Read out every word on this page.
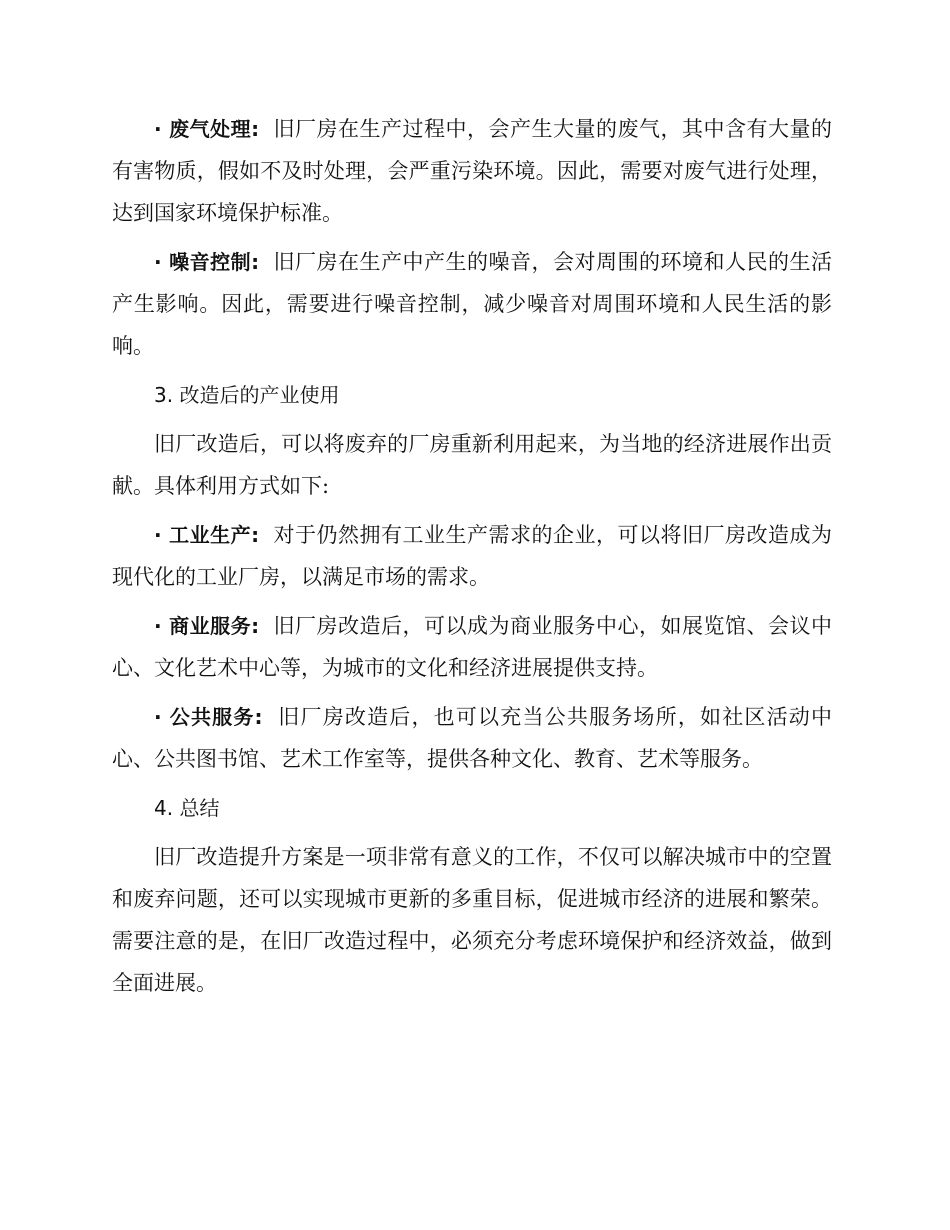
· 废气处理: 旧厂房在生产过程中，会产生大量的废气，其中含有大量的有害物质，假如不及时处理，会严重污染环境。因此，需要对废气进行处理，达到国家环境保护标准。

· 噪音控制: 旧厂房在生产中产生的噪音，会对周围的环境和人民的生活产生影响。因此，需要进行噪音控制，减少噪音对周围环境和人民生活的影响。

3. 改造后的产业使用

旧厂改造后，可以将废弃的厂房重新利用起来，为当地的经济进展作出贡献。具体利用方式如下:

· 工业生产: 对于仍然拥有工业生产需求的企业，可以将旧厂房改造成为现代化的工业厂房，以满足市场的需求。

· 商业服务: 旧厂房改造后，可以成为商业服务中心，如展览馆、会议中心、文化艺术中心等，为城市的文化和经济进展提供支持。

· 公共服务: 旧厂房改造后，也可以充当公共服务场所，如社区活动中心、公共图书馆、艺术工作室等，提供各种文化、教育、艺术等服务。

4. 总结

旧厂改造提升方案是一项非常有意义的工作，不仅可以解决城市中的空置和废弃问题，还可以实现城市更新的多重目标，促进城市经济的进展和繁荣。需要注意的是，在旧厂改造过程中，必须充分考虑环境保护和经济效益，做到全面进展。
